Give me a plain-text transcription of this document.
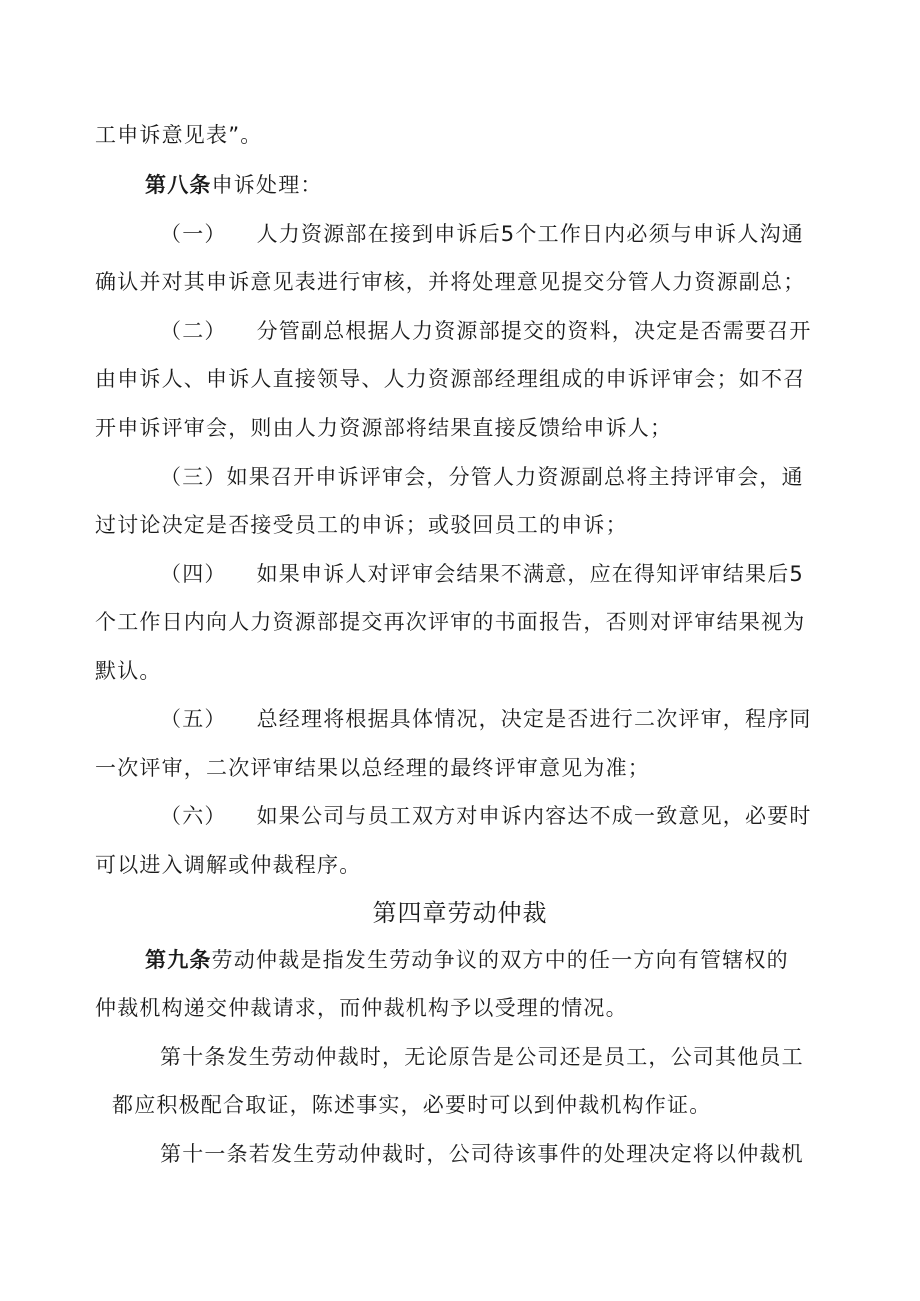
工申诉意见表”。
第八条申诉处理：
（一） 人力资源部在接到申诉后5个工作日内必须与申诉人沟通
确认并对其申诉意见表进行审核，并将处理意见提交分管人力资源副总；
（二） 分管副总根据人力资源部提交的资料，决定是否需要召开
由申诉人、申诉人直接领导、人力资源部经理组成的申诉评审会；如不召
开申诉评审会，则由人力资源部将结果直接反馈给申诉人；
（三）如果召开申诉评审会，分管人力资源副总将主持评审会，通
过讨论决定是否接受员工的申诉；或驳回员工的申诉；
（四） 如果申诉人对评审会结果不满意，应在得知评审结果后5
个工作日内向人力资源部提交再次评审的书面报告，否则对评审结果视为
默认。
（五） 总经理将根据具体情况，决定是否进行二次评审，程序同
一次评审，二次评审结果以总经理的最终评审意见为准；
（六） 如果公司与员工双方对申诉内容达不成一致意见，必要时
可以进入调解或仲裁程序。
第四章劳动仲裁
第九条劳动仲裁是指发生劳动争议的双方中的任一方向有管辖权的
仲裁机构递交仲裁请求，而仲裁机构予以受理的情况。
第十条发生劳动仲裁时，无论原告是公司还是员工，公司其他员工
都应积极配合取证，陈述事实，必要时可以到仲裁机构作证。
第十一条若发生劳动仲裁时，公司待该事件的处理决定将以仲裁机
